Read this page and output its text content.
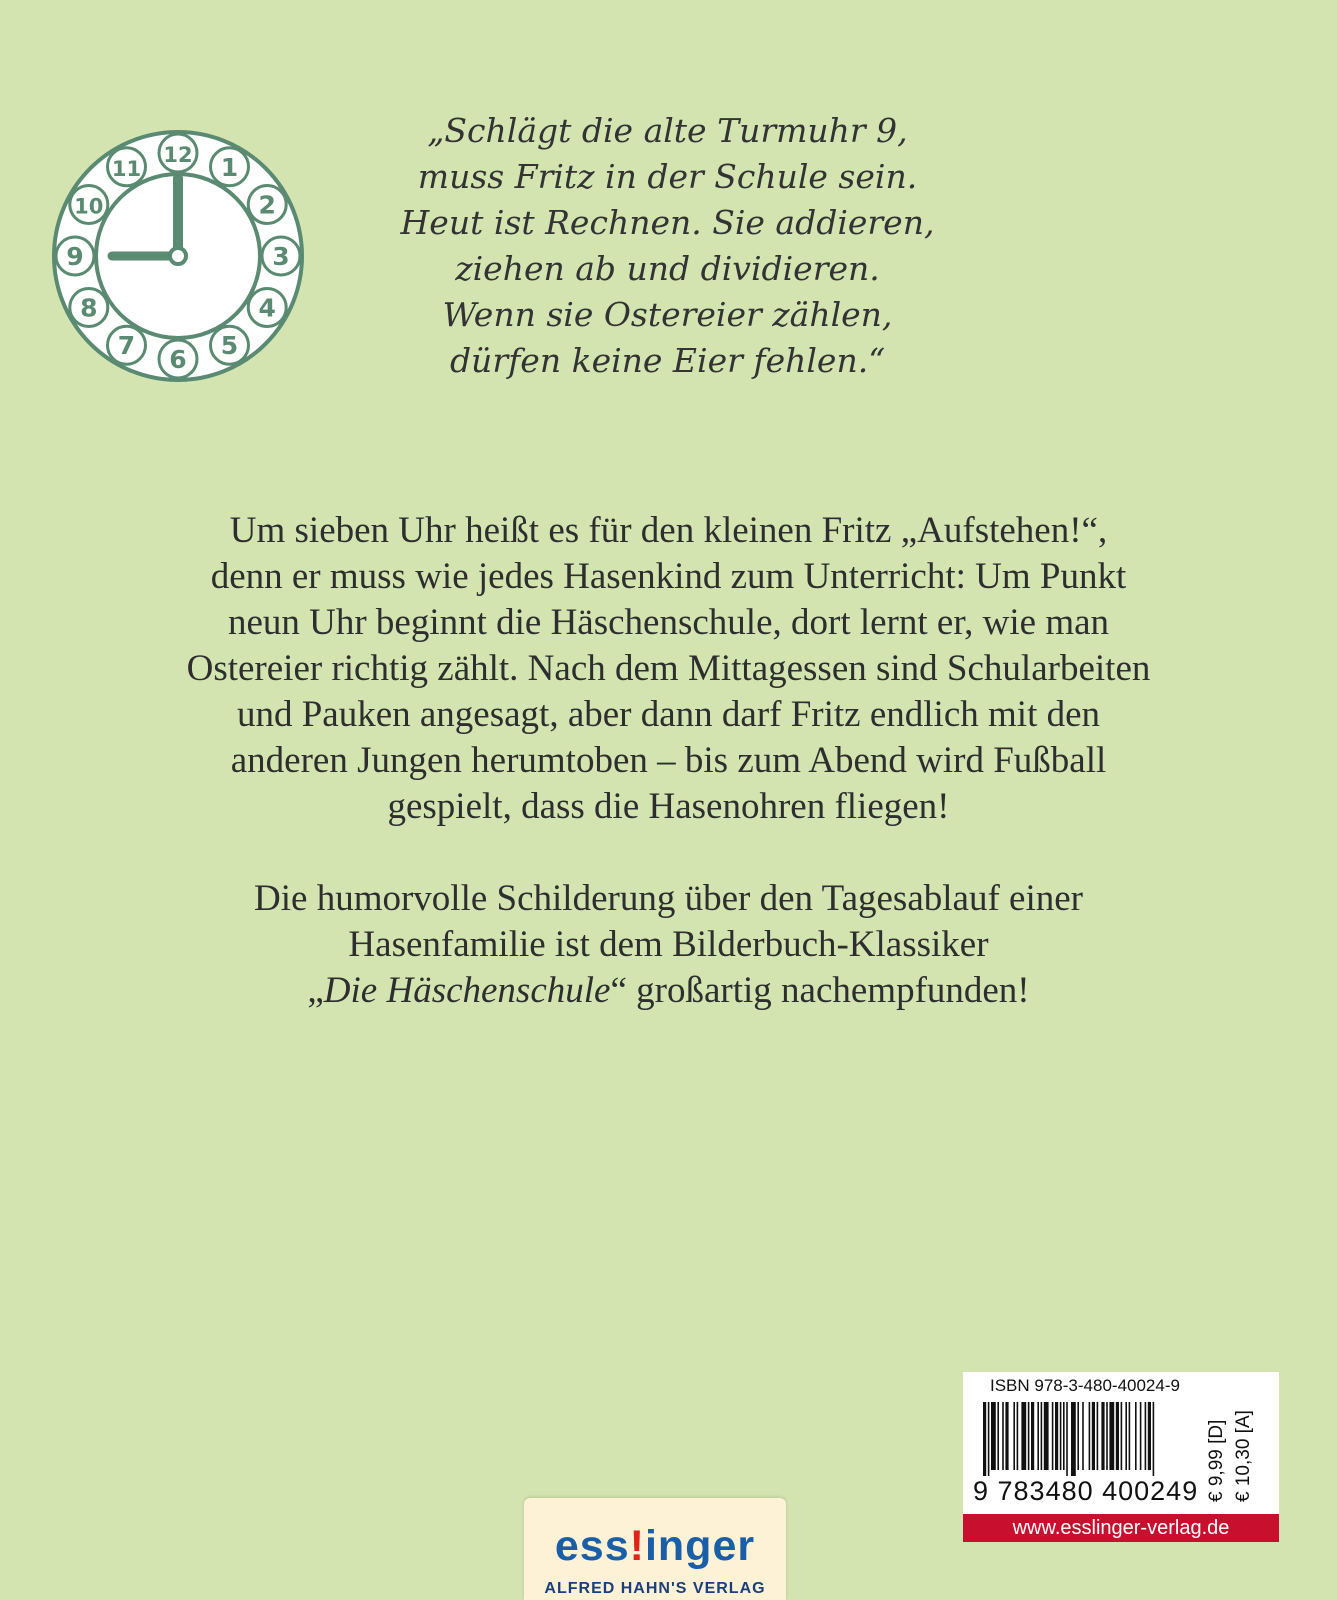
12 1
2
3
4
5
6
7
8
9
10
11
„Schlägt die alte Turmuhr 9,
muss Fritz in der Schule sein.
Heut ist Rechnen. Sie addieren,
ziehen ab und dividieren.
Wenn sie Ostereier zählen,
dürfen keine Eier fehlen.“
Um sieben Uhr heißt es für den kleinen Fritz „Aufstehen!“,
denn er muss wie jedes Hasenkind zum Unterricht: Um Punkt
neun Uhr beginnt die Häschenschule, dort lernt er, wie man
Ostereier richtig zählt. Nach dem Mittagessen sind Schularbeiten
und Pauken angesagt, aber dann darf Fritz endlich mit den
anderen Jungen herumtoben – bis zum Abend wird Fußball
gespielt, dass die Hasenohren fliegen!
Die humorvolle Schilderung über den Tagesablauf einer
Hasenfamilie ist dem Bilderbuch-Klassiker
„Die Häschenschule“ großartig nachempfunden!
ISBN 978-3-480-40024-9
9 783480 400249 € 9,99 [D] € 10,30 [A]
www.esslinger-verlag.de
ess!inger
ALFRED HAHN'S VERLAG
